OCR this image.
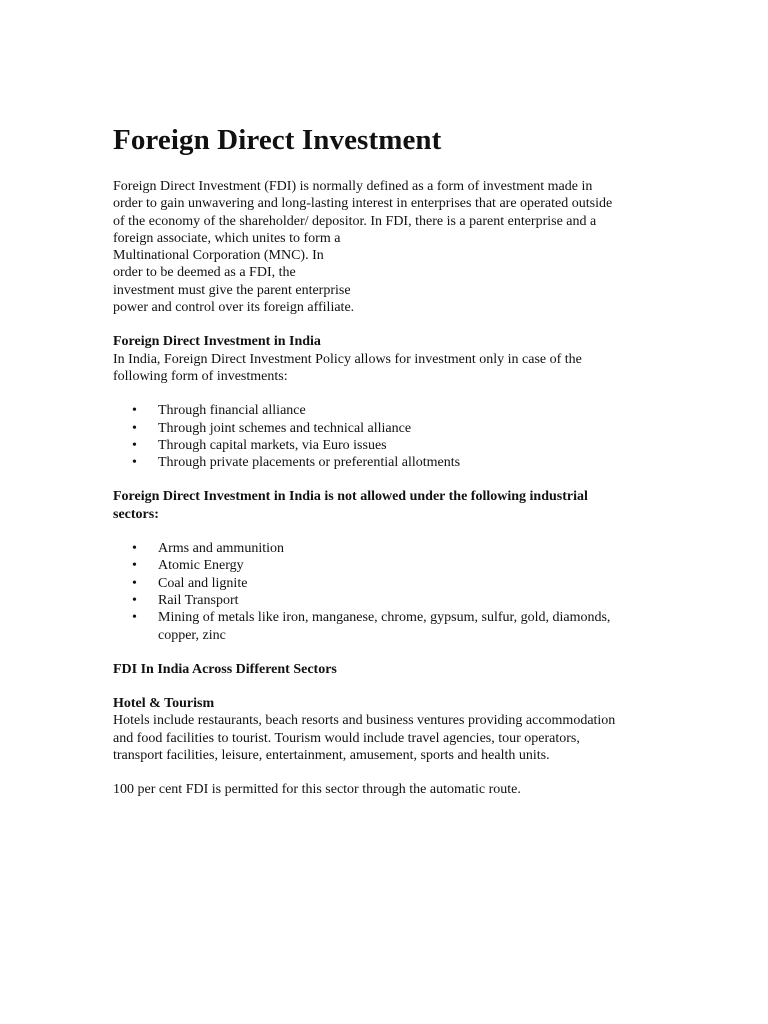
Foreign Direct Investment

Foreign Direct Investment (FDI) is normally defined as a form of investment made in
order to gain unwavering and long-lasting interest in enterprises that are operated outside
of the economy of the shareholder/ depositor. In FDI, there is a parent enterprise and a
foreign associate, which unites to form a
Multinational Corporation (MNC). In
order to be deemed as a FDI, the
investment must give the parent enterprise
power and control over its foreign affiliate.

Foreign Direct Investment in India

In India, Foreign Direct Investment Policy allows for investment only in case of the
following form of investments:

• Through financial alliance
• Through joint schemes and technical alliance
• Through capital markets, via Euro issues
• Through private placements or preferential allotments

Foreign Direct Investment in India is not allowed under the following industrial
sectors:

• Arms and ammunition
• Atomic Energy
• Coal and lignite
• Rail Transport
• Mining of metals like iron, manganese, chrome, gypsum, sulfur, gold, diamonds,
copper, zinc

FDI In India Across Different Sectors

Hotel & Tourism

Hotels include restaurants, beach resorts and business ventures providing accommodation
and food facilities to tourist. Tourism would include travel agencies, tour operators,
transport facilities, leisure, entertainment, amusement, sports and health units.

100 per cent FDI is permitted for this sector through the automatic route.
